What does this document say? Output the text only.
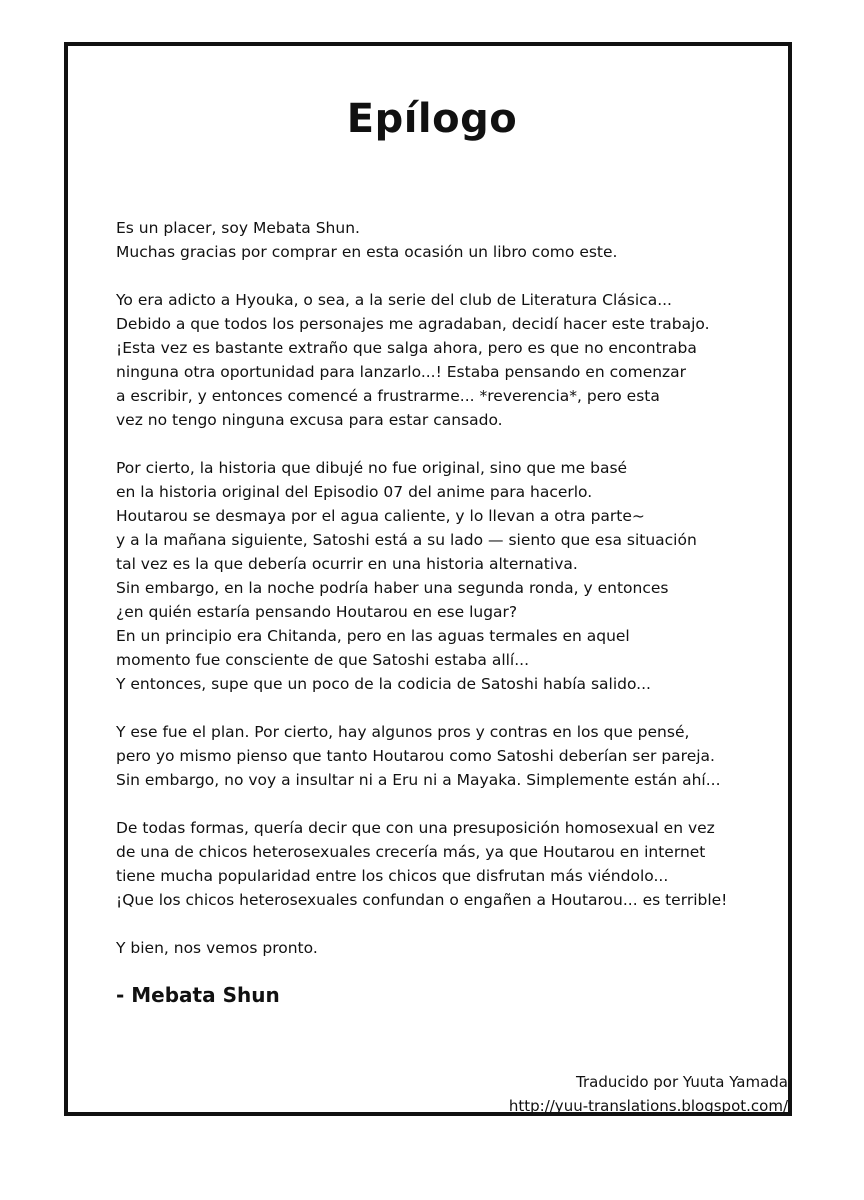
Epílogo
Es un placer, soy Mebata Shun.
Muchas gracias por comprar en esta ocasión un libro como este.
Yo era adicto a Hyouka, o sea, a la serie del club de Literatura Clásica...
Debido a que todos los personajes me agradaban, decidí hacer este trabajo.
¡Esta vez es bastante extraño que salga ahora, pero es que no encontraba
ninguna otra oportunidad para lanzarlo...! Estaba pensando en comenzar
a escribir, y entonces comencé a frustrarme... *reverencia*, pero esta
vez no tengo ninguna excusa para estar cansado.
Por cierto, la historia que dibujé no fue original, sino que me basé
en la historia original del Episodio 07 del anime para hacerlo.
Houtarou se desmaya por el agua caliente, y lo llevan a otra parte~
y a la mañana siguiente, Satoshi está a su lado — siento que esa situación
tal vez es la que debería ocurrir en una historia alternativa.
Sin embargo, en la noche podría haber una segunda ronda, y entonces
¿en quién estaría pensando Houtarou en ese lugar?
En un principio era Chitanda, pero en las aguas termales en aquel
momento fue consciente de que Satoshi estaba allí...
Y entonces, supe que un poco de la codicia de Satoshi había salido...
Y ese fue el plan. Por cierto, hay algunos pros y contras en los que pensé,
pero yo mismo pienso que tanto Houtarou como Satoshi deberían ser pareja.
Sin embargo, no voy a insultar ni a Eru ni a Mayaka. Simplemente están ahí...
De todas formas, quería decir que con una presuposición homosexual en vez
de una de chicos heterosexuales crecería más, ya que Houtarou en internet
tiene mucha popularidad entre los chicos que disfrutan más viéndolo...
¡Que los chicos heterosexuales confundan o engañen a Houtarou... es terrible!
Y bien, nos vemos pronto.
- Mebata Shun
Traducido por Yuuta Yamada
http://yuu-translations.blogspot.com/
